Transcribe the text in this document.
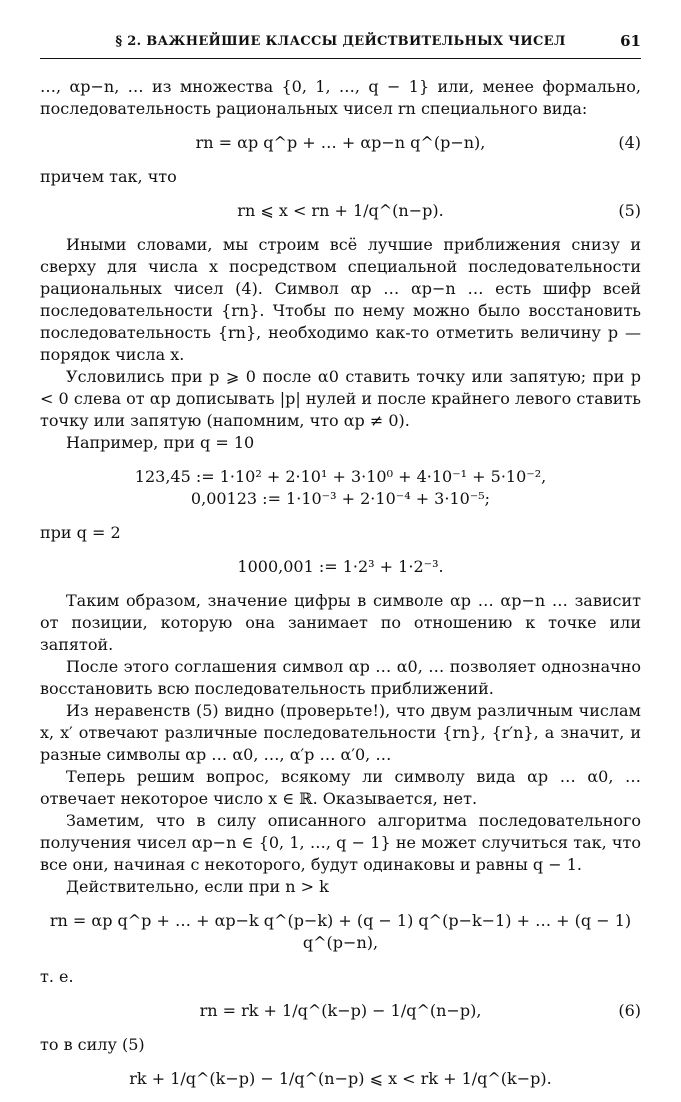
§ 2. ВАЖНЕЙШИЕ КЛАССЫ ДЕЙСТВИТЕЛЬНЫХ ЧИСЕЛ	61

…, αp−n, … из множества {0, 1, …, q − 1} или, менее формально, последовательность рациональных чисел rn специального вида:

rn = αp q^p + … + αp−n q^(p−n),	(4)

причем так, что

rn ⩽ x < rn + 1/q^(n−p).	(5)

Иными словами, мы строим всё лучшие приближения снизу и сверху для числа x посредством специальной последовательности рациональных чисел (4). Символ αp … αp−n … есть шифр всей последовательности {rn}. Чтобы по нему можно было восстановить последовательность {rn}, необходимо как-то отметить величину p — порядок числа x.

Условились при p ⩾ 0 после α0 ставить точку или запятую; при p < 0 слева от αp дописывать |p| нулей и после крайнего левого ставить точку или запятую (напомним, что αp ≠ 0).

Например, при q = 10

123,45 := 1·10² + 2·10¹ + 3·10⁰ + 4·10⁻¹ + 5·10⁻²,
0,00123 := 1·10⁻³ + 2·10⁻⁴ + 3·10⁻⁵;

при q = 2

1000,001 := 1·2³ + 1·2⁻³.

Таким образом, значение цифры в символе αp … αp−n … зависит от позиции, которую она занимает по отношению к точке или запятой.

После этого соглашения символ αp … α0, … позволяет однозначно восстановить всю последовательность приближений.

Из неравенств (5) видно (проверьте!), что двум различным числам x, x′ отвечают различные последовательности {rn}, {r′n}, а значит, и разные символы αp … α0, …, α′p … α′0, …

Теперь решим вопрос, всякому ли символу вида αp … α0, … отвечает некоторое число x ∈ ℝ. Оказывается, нет.

Заметим, что в силу описанного алгоритма последовательного получения чисел αp−n ∈ {0, 1, …, q − 1} не может случиться так, что все они, начиная с некоторого, будут одинаковы и равны q − 1.

Действительно, если при n > k

rn = αp q^p + … + αp−k q^(p−k) + (q − 1) q^(p−k−1) + … + (q − 1) q^(p−n),

т. е.

rn = rk + 1/q^(k−p) − 1/q^(n−p),	(6)

то в силу (5)

rk + 1/q^(k−p) − 1/q^(n−p) ⩽ x < rk + 1/q^(k−p).
